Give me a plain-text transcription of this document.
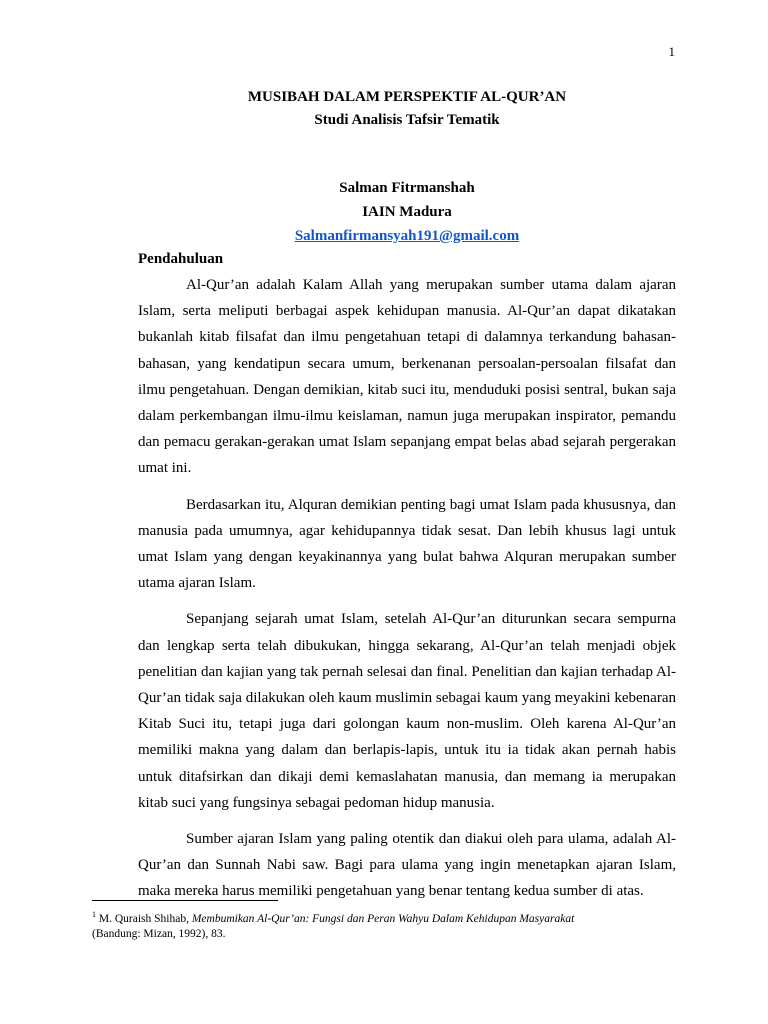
1
MUSIBAH DALAM PERSPEKTIF AL-QUR’AN
Studi Analisis Tafsir Tematik
Salman Fitrmanshah
IAIN Madura
Salmanfirmansyah191@gmail.com

Pendahuluan

Al-Qur’an adalah Kalam Allah yang merupakan sumber utama dalam ajaran Islam, serta meliputi berbagai aspek kehidupan manusia. Al-Qur’an dapat dikatakan bukanlah kitab filsafat dan ilmu pengetahuan tetapi di dalamnya terkandung bahasan-bahasan, yang kendatipun secara umum, berkenanan persoalan-persoalan filsafat dan ilmu pengetahuan. Dengan demikian, kitab suci itu, menduduki posisi sentral, bukan saja dalam perkembangan ilmu-ilmu keislaman, namun juga merupakan inspirator, pemandu dan pemacu gerakan-gerakan umat Islam sepanjang empat belas abad sejarah pergerakan umat ini.

Berdasarkan itu, Alquran demikian penting bagi umat Islam pada khususnya, dan manusia pada umumnya, agar kehidupannya tidak sesat. Dan lebih khusus lagi untuk umat Islam yang dengan keyakinannya yang bulat bahwa Alquran merupakan sumber utama ajaran Islam.

Sepanjang sejarah umat Islam, setelah Al-Qur’an diturunkan secara sempurna dan lengkap serta telah dibukukan, hingga sekarang, Al-Qur’an telah menjadi objek penelitian dan kajian yang tak pernah selesai dan final. Penelitian dan kajian terhadap Al-Qur’an tidak saja dilakukan oleh kaum muslimin sebagai kaum yang meyakini kebenaran Kitab Suci itu, tetapi juga dari golongan kaum non-muslim. Oleh karena Al-Qur’an memiliki makna yang dalam dan berlapis-lapis, untuk itu ia tidak akan pernah habis untuk ditafsirkan dan dikaji demi kemaslahatan manusia, dan memang ia merupakan kitab suci yang fungsinya sebagai pedoman hidup manusia.

Sumber ajaran Islam yang paling otentik dan diakui oleh para ulama, adalah Al-Qur’an dan Sunnah Nabi saw. Bagi para ulama yang ingin menetapkan ajaran Islam, maka mereka harus memiliki pengetahuan yang benar tentang kedua sumber di atas.

$^1$ M. Quraish Shihab, Membumikan Al-Qur’an: Fungsi dan Peran Wahyu Dalam Kehidupan Masyarakat
(Bandung: Mizan, 1992), 83.
